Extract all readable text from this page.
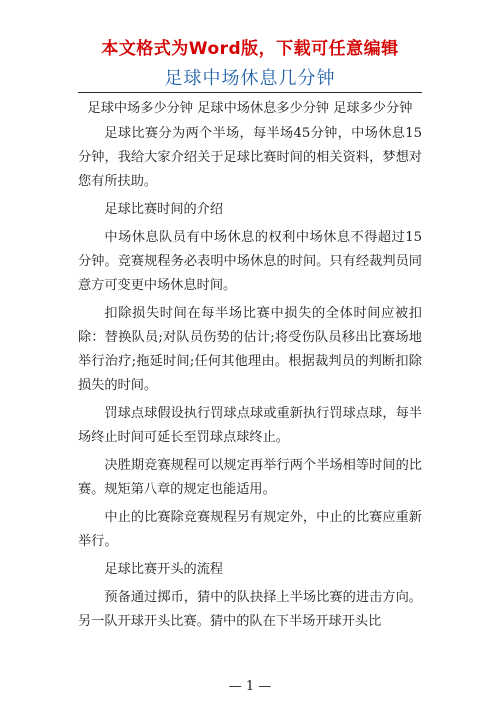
本文格式为Word版，下载可任意编辑
足球中场休息几分钟
足球中场多少分钟 足球中场休息多少分钟 足球多少分钟

足球比赛分为两个半场，每半场45分钟，中场休息15分钟，我给大家介绍关于足球比赛时间的相关资料，梦想对您有所扶助。

足球比赛时间的介绍

中场休息队员有中场休息的权利中场休息不得超过15分钟。竞赛规程务必表明中场休息的时间。只有经裁判员同意方可变更中场休息时间。

扣除损失时间在每半场比赛中损失的全体时间应被扣除：替换队员;对队员伤势的估计;将受伤队员移出比赛场地举行治疗;拖延时间;任何其他理由。根据裁判员的判断扣除损失的时间。

罚球点球假设执行罚球点球或重新执行罚球点球，每半场终止时间可延长至罚球点球终止。

决胜期竞赛规程可以规定再举行两个半场相等时间的比赛。规矩第八章的规定也能适用。

中止的比赛除竞赛规程另有规定外，中止的比赛应重新举行。

足球比赛开头的流程

预备通过掷币，猜中的队抉择上半场比赛的进击方向。另一队开球开头比赛。猜中的队在下半场开球开头比

— 1 —
